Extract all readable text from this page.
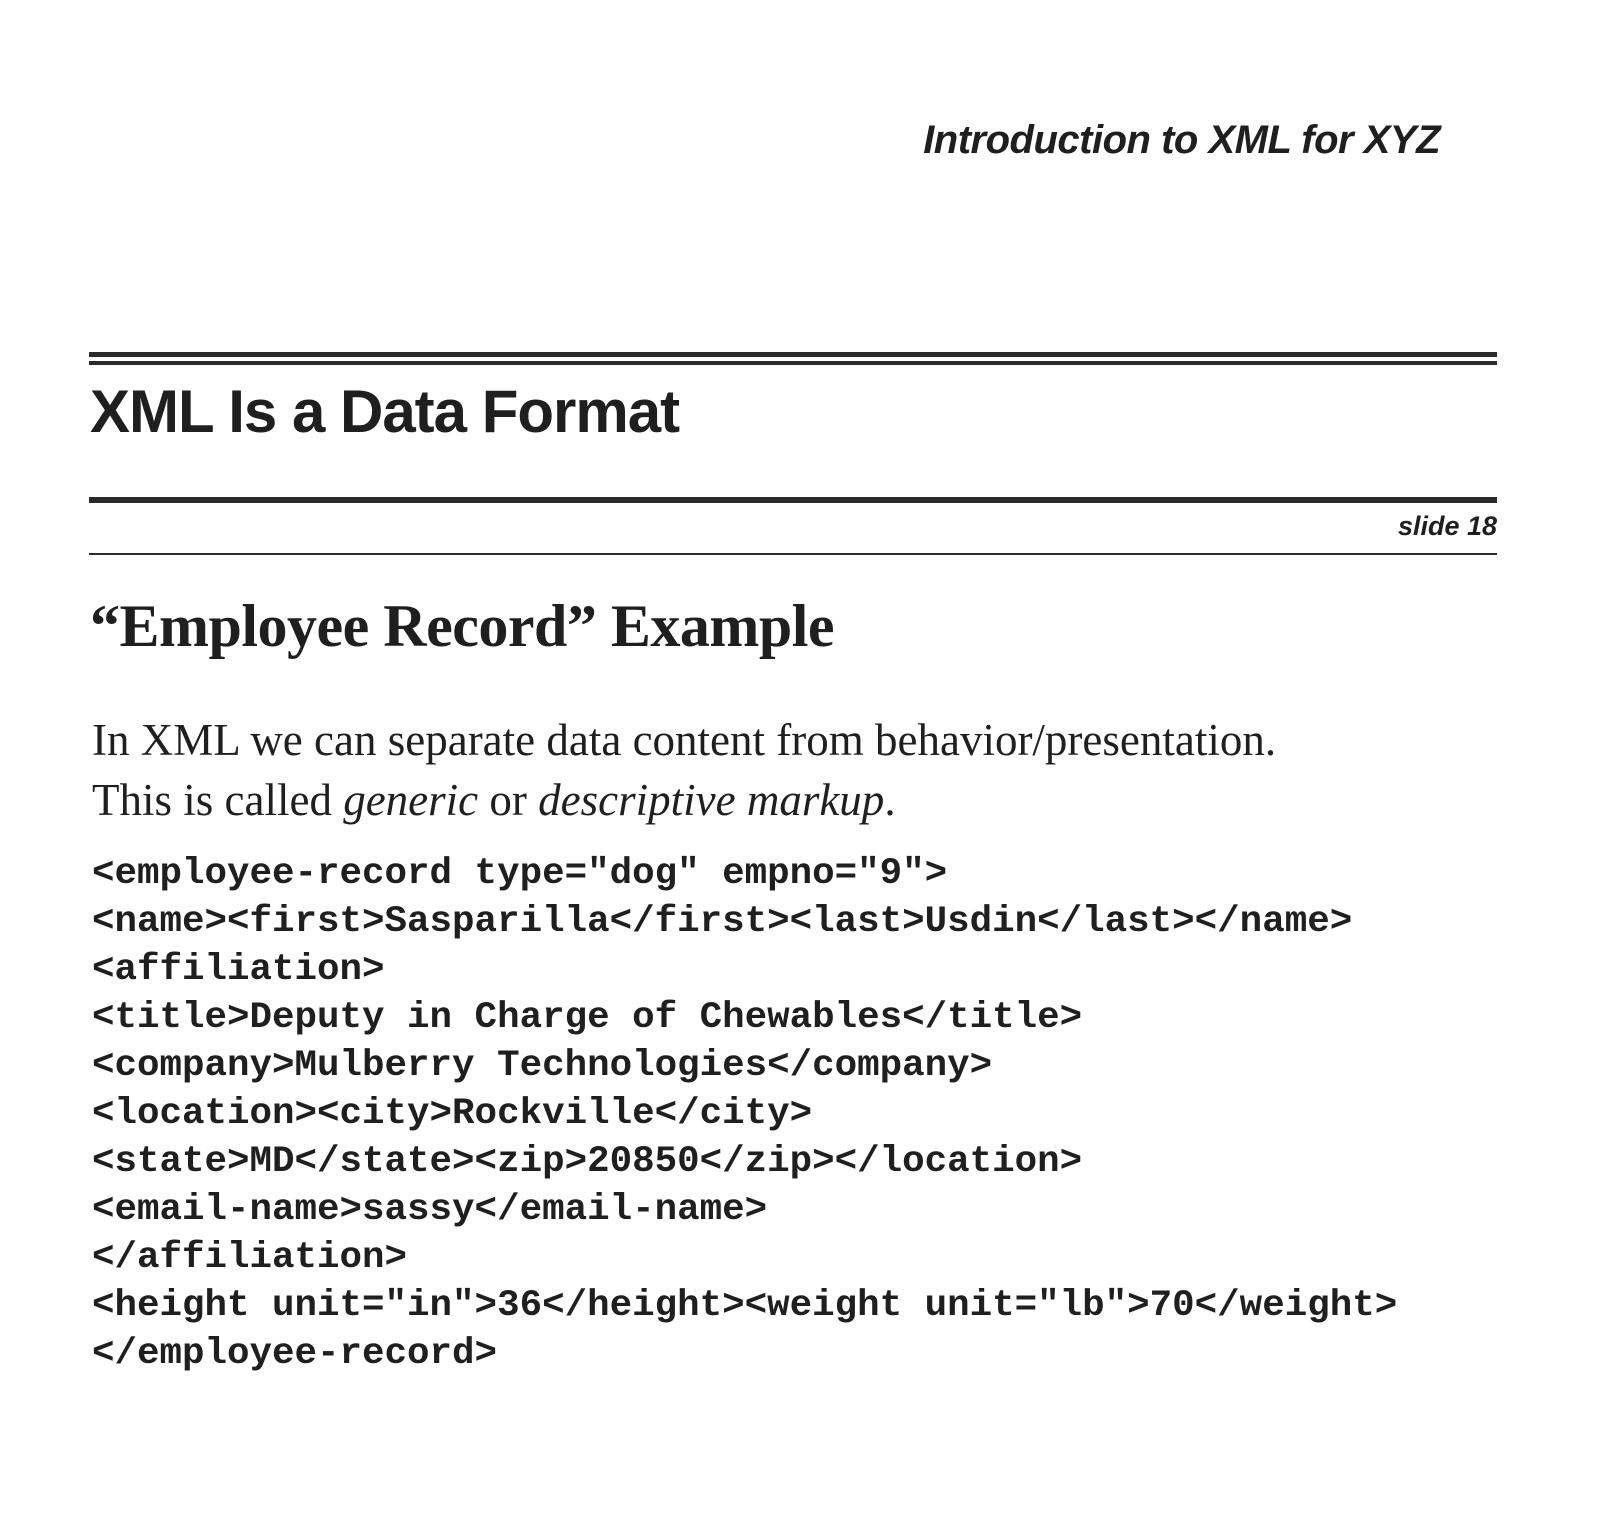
Introduction to XML for XYZ
XML Is a Data Format
slide 18
“Employee Record” Example

In XML we can separate data content from behavior/presentation.

This is called generic or descriptive markup.

<employee-record type="dog" empno="9">
<name><first>Sasparilla</first><last>Usdin</last></name>
<affiliation>
<title>Deputy in Charge of Chewables</title>
<company>Mulberry Technologies</company>
<location><city>Rockville</city>
<state>MD</state><zip>20850</zip></location>
<email-name>sassy</email-name>
</affiliation>
<height unit="in">36</height><weight unit="lb">70</weight>
</employee-record>
